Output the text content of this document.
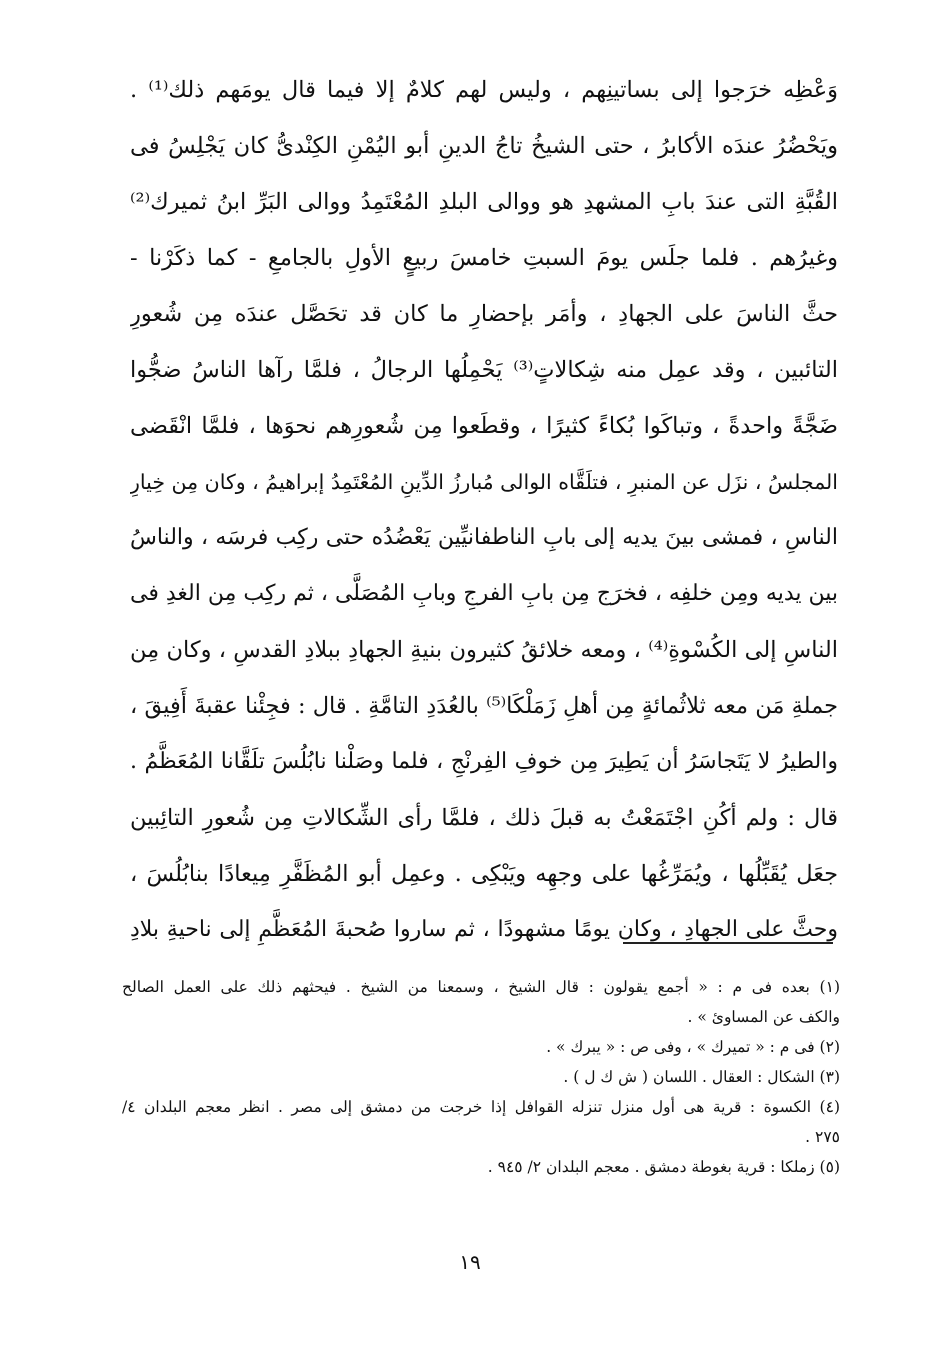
وَعْظِه خرَجوا إلى بساتينِهم ، وليس لهم كلامٌ إلا فيما قال يومَهم ذلك⁽¹⁾ .
ويَحْضُرُ عندَه الأكابرُ ، حتى الشيخُ تاجُ الدينِ أبو اليُمْنِ الكِنْدىُّ كان يَجْلِسُ فى
القُبَّةِ التى عندَ بابِ المشهدِ هو ووالى البلدِ المُعْتَمِدُ ووالى البَرِّ ابنُ ثميرك⁽²⁾
وغيرُهم . فلما جلَس يومَ السبتِ خامسَ ربيعٍ الأولِ بالجامعِ - كما ذكَرْنا -
حثَّ الناسَ على الجهادِ ، وأمَر بإحضارِ ما كان قد تحَصَّل عندَه مِن شُعورِ
التائبين ، وقد عمِل منه شِكالاتٍ⁽³⁾ يَحْمِلُها الرجالُ ، فلمَّا رآها الناسُ ضجُّوا
ضَجَّةً واحدةً ، وتباكَوا بُكاءً كثيرًا ، وقطَعوا مِن شُعورِهم نحوَها ، فلمَّا انْقَضى
المجلسُ ، نزَل عن المنبرِ ، فتلَقَّاه الوالى مُبارزُ الدِّينِ المُعْتَمِدُ إبراهيمُ ، وكان مِن خِيارِ
الناسِ ، فمشى بينَ يديه إلى بابِ الناطفانيِّين يَعْضُدُه حتى ركِب فرسَه ، والناسُ
بين يديه ومِن خلفِه ، فخرَج مِن بابِ الفرجِ وبابِ المُصَلَّى ، ثم ركِب مِن الغدِ فى
الناسِ إلى الكُسْوةِ⁽⁴⁾ ، ومعه خلائقُ كثيرون بنيةِ الجهادِ ببلادِ القدسِ ، وكان مِن
جملةِ مَن معه ثلاثُمائةٍ مِن أهلِ زَمَلْكَا⁽⁵⁾ بالعُدَدِ التامَّةِ . قال : فجِئْنا عقبةَ أَفِيقَ ،
والطيرُ لا يَتَجاسَرُ أن يَطِيرَ مِن خوفِ الفِرنْجِ ، فلما وصَلْنا نابُلُسَ تلَقَّانا المُعَظَّمُ .
قال : ولم أكُنِ اجْتَمَعْتُ به قبلَ ذلك ، فلمَّا رأى الشِّكالاتِ مِن شُعورِ التائِبين
جعَل يُقَبِّلُها ، ويُمَرِّغُها على وجهِه ويَبْكِى . وعمِل أبو المُظَفَّرِ مِيعادًا بنابُلُسَ ،
وحثَّ على الجهادِ ، وكان يومًا مشهودًا ، ثم ساروا صُحبةَ المُعَظَّمِ إلى ناحيةِ بلادِ
(١) بعده فى م : « أجمع يقولون : قال الشيخ ، وسمعنا من الشيخ . فيحثهم ذلك على العمل الصالح
والكف عن المساوئ » .
(٢) فى م : « تميرك » ، وفى ص : « يبرك » .
(٣) الشكال : العقال . اللسان ( ش ك ل ) .
(٤) الكسوة : قرية هى أول منزل تنزله القوافل إذا خرجت من دمشق إلى مصر . انظر معجم البلدان ٤/
٢٧٥ .
(٥) زملكا : قرية بغوطة دمشق . معجم البلدان ٢/ ٩٤٥ .
١٩
